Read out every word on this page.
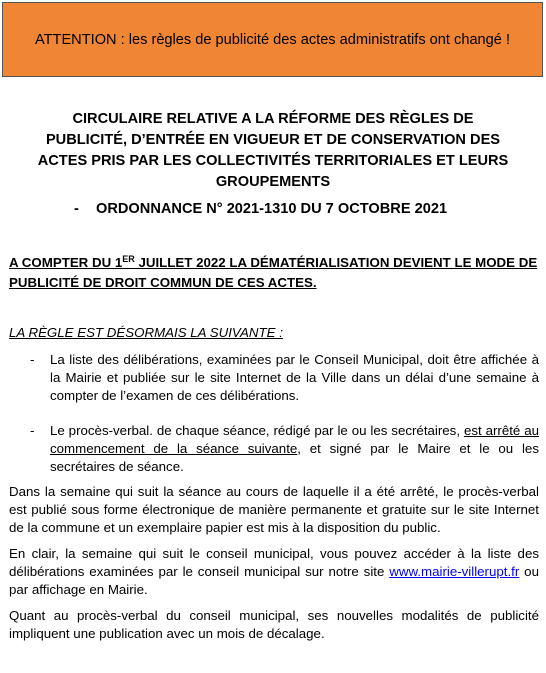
ATTENTION : les règles de publicité des actes administratifs ont changé !
CIRCULAIRE RELATIVE A LA RÉFORME DES RÈGLES DE
PUBLICITÉ, D’ENTRÉE EN VIGUEUR ET DE CONSERVATION DES
ACTES PRIS PAR LES COLLECTIVITÉS TERRITORIALES ET LEURS
GROUPEMENTS
- ORDONNANCE N° 2021-1310 DU 7 OCTOBRE 2021
A COMPTER DU 1ER JUILLET 2022 LA DÉMATÉRIALISATION DEVIENT LE MODE DE PUBLICITÉ DE DROIT COMMUN DE CES ACTES.
LA RÈGLE EST DÉSORMAIS LA SUIVANTE :
- La liste des délibérations, examinées par le Conseil Municipal, doit être affichée à la Mairie et publiée sur le site Internet de la Ville dans un délai d’une semaine à compter de l’examen de ces délibérations.
- Le procès-verbal. de chaque séance, rédigé par le ou les secrétaires, est arrêté au commencement de la séance suivante, et signé par le Maire et le ou les secrétaires de séance.
Dans la semaine qui suit la séance au cours de laquelle il a été arrêté, le procès-verbal est publié sous forme électronique de manière permanente et gratuite sur le site Internet de la commune et un exemplaire papier est mis à la disposition du public.
En clair, la semaine qui suit le conseil municipal, vous pouvez accéder à la liste des délibérations examinées par le conseil municipal sur notre site www.mairie-villerupt.fr ou par affichage en Mairie.
Quant au procès-verbal du conseil municipal, ses nouvelles modalités de publicité impliquent une publication avec un mois de décalage.
